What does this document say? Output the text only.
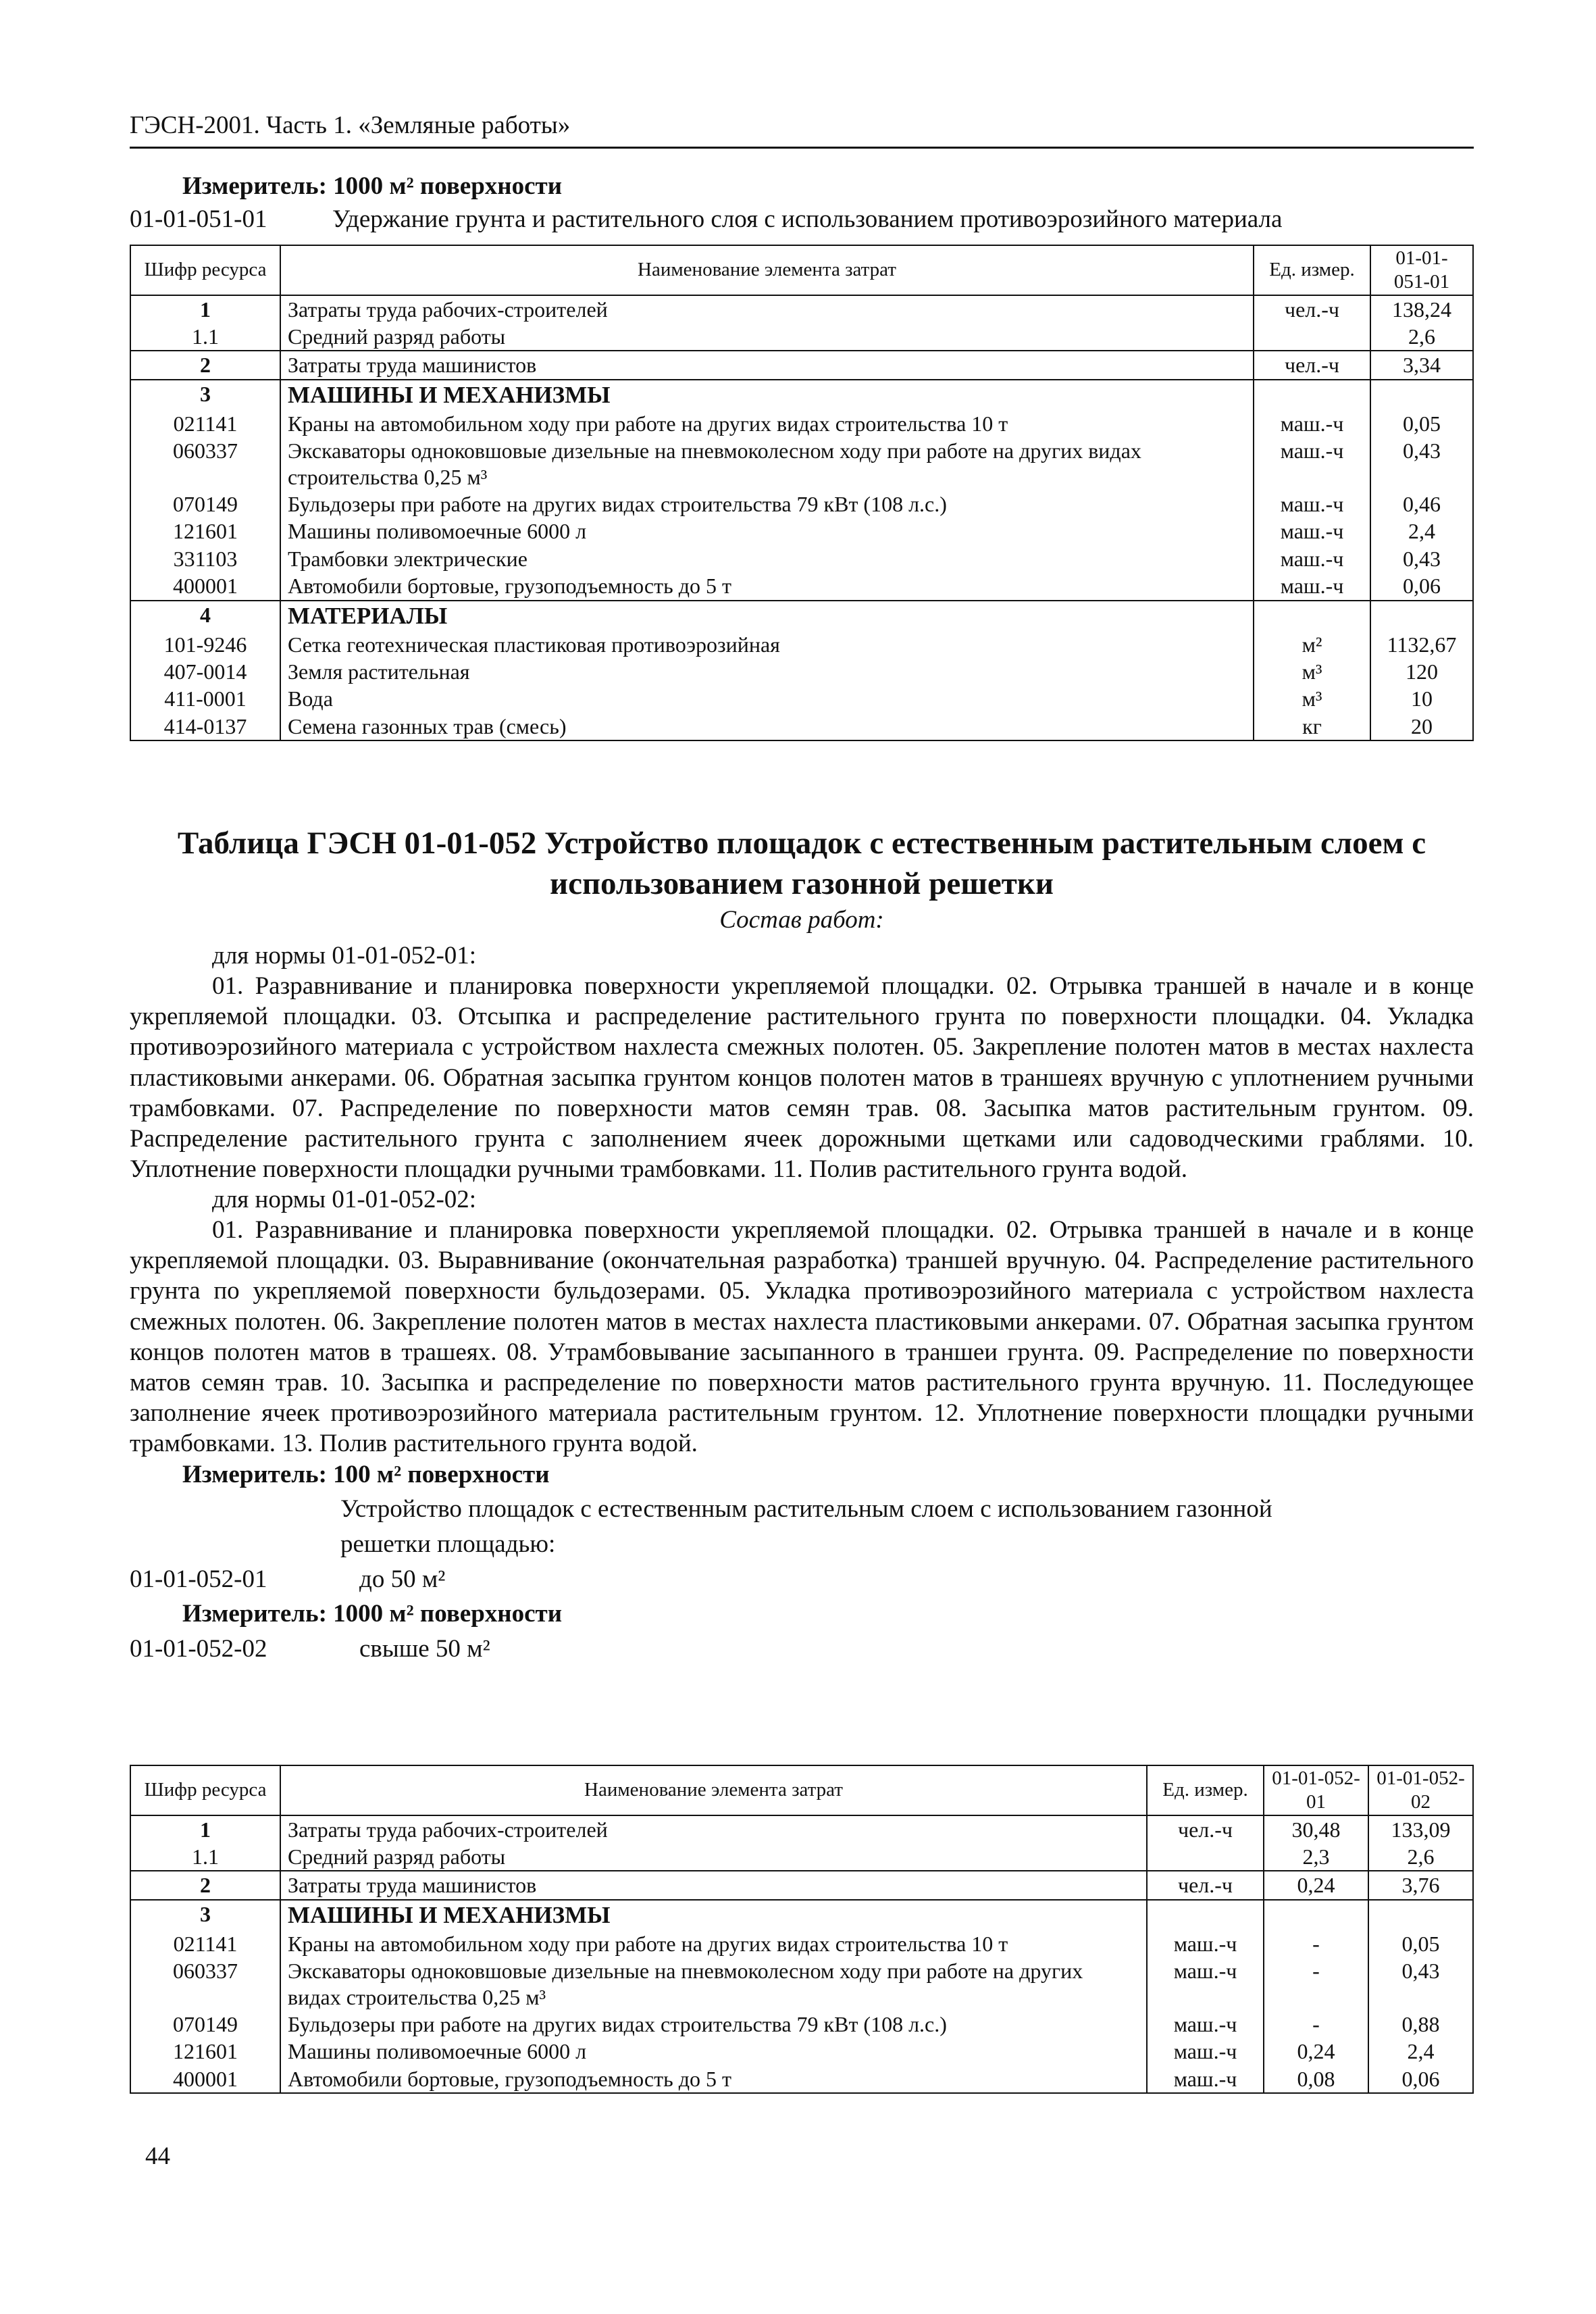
ГЭСН-2001. Часть 1. «Земляные работы»
Измеритель: 1000 м² поверхности
01-01-051-01	Удержание грунта и растительного слоя с использованием противоэрозийного материала
Шифр ресурса	Наименование элемента затрат	Ед. измер.	01-01-051-01
1	Затраты труда рабочих-строителей	чел.-ч	138,24
1.1	Средний разряд работы		2,6
2	Затраты труда машинистов	чел.-ч	3,34
3	МАШИНЫ И МЕХАНИЗМЫ		
021141	Краны на автомобильном ходу при работе на других видах строительства 10 т	маш.-ч	0,05
060337	Экскаваторы одноковшовые дизельные на пневмоколесном ходу при работе на других видах строительства 0,25 м³	маш.-ч	0,43
070149	Бульдозеры при работе на других видах строительства 79 кВт (108 л.с.)	маш.-ч	0,46
121601	Машины поливомоечные 6000 л	маш.-ч	2,4
331103	Трамбовки электрические	маш.-ч	0,43
400001	Автомобили бортовые, грузоподъемность до 5 т	маш.-ч	0,06
4	МАТЕРИАЛЫ		
101-9246	Сетка геотехническая пластиковая противоэрозийная	м²	1132,67
407-0014	Земля растительная	м³	120
411-0001	Вода	м³	10
414-0137	Семена газонных трав (смесь)	кг	20
Таблица ГЭСН 01-01-052 Устройство площадок с естественным растительным слоем с использованием газонной решетки
Состав работ:
для нормы 01-01-052-01:

01. Разравнивание и планировка поверхности укрепляемой площадки. 02. Отрывка траншей в начале и в конце укрепляемой площадки. 03. Отсыпка и распределение растительного грунта по поверхности площадки. 04. Укладка противоэрозийного материала с устройством нахлеста смежных полотен. 05. Закрепление полотен матов в местах нахлеста пластиковыми анкерами. 06. Обратная засыпка грунтом концов полотен матов в траншеях вручную с уплотнением ручными трамбовками. 07. Распределение по поверхности матов семян трав. 08. Засыпка матов растительным грунтом. 09. Распределение растительного грунта с заполнением ячеек дорожными щетками или садоводческими граблями. 10. Уплотнение поверхности площадки ручными трамбовками. 11. Полив растительного грунта водой.

для нормы 01-01-052-02:

01. Разравнивание и планировка поверхности укрепляемой площадки. 02. Отрывка траншей в начале и в конце укрепляемой площадки. 03. Выравнивание (окончательная разработка) траншей вручную. 04. Распределение растительного грунта по укрепляемой поверхности бульдозерами. 05. Укладка противоэрозийного материала с устройством нахлеста смежных полотен. 06. Закрепление полотен матов в местах нахлеста пластиковыми анкерами. 07. Обратная засыпка грунтом концов полотен матов в трашеях. 08. Утрамбовывание засыпанного в траншеи грунта. 09. Распределение по поверхности матов семян трав. 10. Засыпка и распределение по поверхности матов растительного грунта вручную. 11. Последующее заполнение ячеек противоэрозийного материала растительным грунтом. 12. Уплотнение поверхности площадки ручными трамбовками. 13. Полив растительного грунта водой.

Измеритель: 100 м² поверхности
Устройство площадок с естественным растительным слоем с использованием газонной
решетки площадью:
01-01-052-01	до 50 м²
Измеритель: 1000 м² поверхности
01-01-052-02	свыше 50 м²
Шифр ресурса	Наименование элемента затрат	Ед. измер.	01-01-052-01	01-01-052-02
1	Затраты труда рабочих-строителей	чел.-ч	30,48	133,09
1.1	Средний разряд работы		2,3	2,6
2	Затраты труда машинистов	чел.-ч	0,24	3,76
3	МАШИНЫ И МЕХАНИЗМЫ			
021141	Краны на автомобильном ходу при работе на других видах строительства 10 т	маш.-ч	-	0,05
060337	Экскаваторы одноковшовые дизельные на пневмоколесном ходу при работе на других видах строительства 0,25 м³	маш.-ч	-	0,43
070149	Бульдозеры при работе на других видах строительства 79 кВт (108 л.с.)	маш.-ч	-	0,88
121601	Машины поливомоечные 6000 л	маш.-ч	0,24	2,4
400001	Автомобили бортовые, грузоподъемность до 5 т	маш.-ч	0,08	0,06
44
